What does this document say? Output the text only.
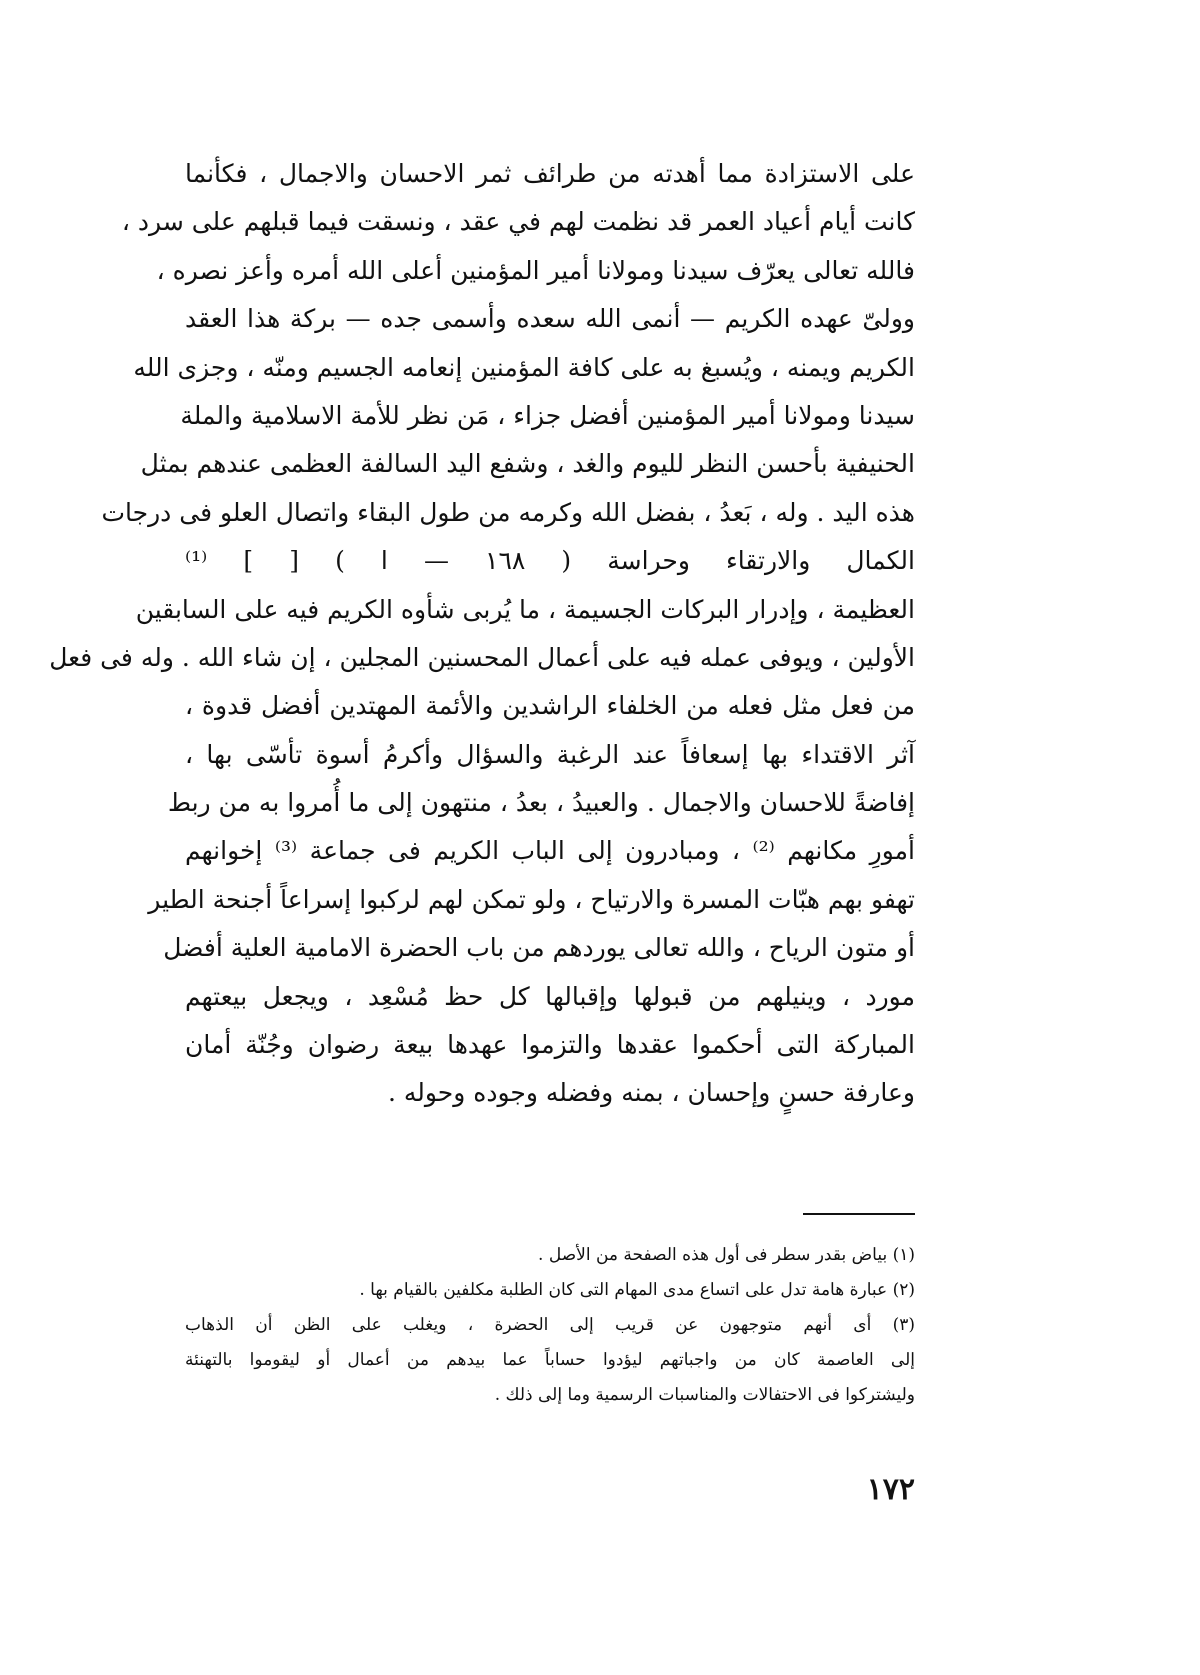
على الاستزادة مما أهدته من طرائف ثمر الاحسان والاجمال ، فكأنما
كانت أيام أعياد العمر قد نظمت لهم في عقد ، ونسقت فيما قبلهم على سرد ،
فالله تعالى يعرّف سيدنا ومولانا أمير المؤمنين أعلى الله أمره وأعز نصره ،
وولىّ عهده الكريم — أنمى الله سعده وأسمى جده — بركة هذا العقد
الكريم ويمنه ، ويُسبغ به على كافة المؤمنين إنعامه الجسيم ومنّه ، وجزى الله
سيدنا ومولانا أمير المؤمنين أفضل جزاء ، مَن نظر للأمة الاسلامية والملة
الحنيفية بأحسن النظر لليوم والغد ، وشفع اليد السالفة العظمى عندهم بمثل
هذه اليد . وله ، بَعدُ ، بفضل الله وكرمه من طول البقاء واتصال العلو فى درجات
الكمال والارتقاء وحراسة ( ١٦٨ — ا ) [ ] ⁽¹⁾
العظيمة ، وإدرار البركات الجسيمة ، ما يُربى شأوه الكريم فيه على السابقين
الأولين ، ويوفى عمله فيه على أعمال المحسنين المجلين ، إن شاء الله . وله فى فعل
من فعل مثل فعله من الخلفاء الراشدين والأئمة المهتدين أفضل قدوة ،
آثر الاقتداء بها إسعافاً عند الرغبة والسؤال وأكرمُ أسوة تأسّى بها ،
إفاضةً للاحسان والاجمال . والعبيدُ ، بعدُ ، منتهون إلى ما أُمروا به من ربط
أمورِ مكانهم ⁽²⁾ ، ومبادرون إلى الباب الكريم فى جماعة ⁽³⁾ إخوانهم
تهفو بهم هبّات المسرة والارتياح ، ولو تمكن لهم لركبوا إسراعاً أجنحة الطير
أو متون الرياح ، والله تعالى يوردهم من باب الحضرة الامامية العلية أفضل
مورد ، وينيلهم من قبولها وإقبالها كل حظ مُسْعِد ، ويجعل بيعتهم
المباركة التى أحكموا عقدها والتزموا عهدها بيعة رضوان وجُنّة أمان
وعارفة حسنٍ وإحسان ، بمنه وفضله وجوده وحوله .
(١) بياض بقدر سطر فى أول هذه الصفحة من الأصل .
(٢) عبارة هامة تدل على اتساع مدى المهام التى كان الطلبة مكلفين بالقيام بها .
(٣) أى أنهم متوجهون عن قريب إلى الحضرة ، ويغلب على الظن أن الذهاب
إلى العاصمة كان من واجباتهم ليؤدوا حساباً عما بيدهم من أعمال أو ليقوموا بالتهنئة
وليشتركوا فى الاحتفالات والمناسبات الرسمية وما إلى ذلك .
١٧٢
